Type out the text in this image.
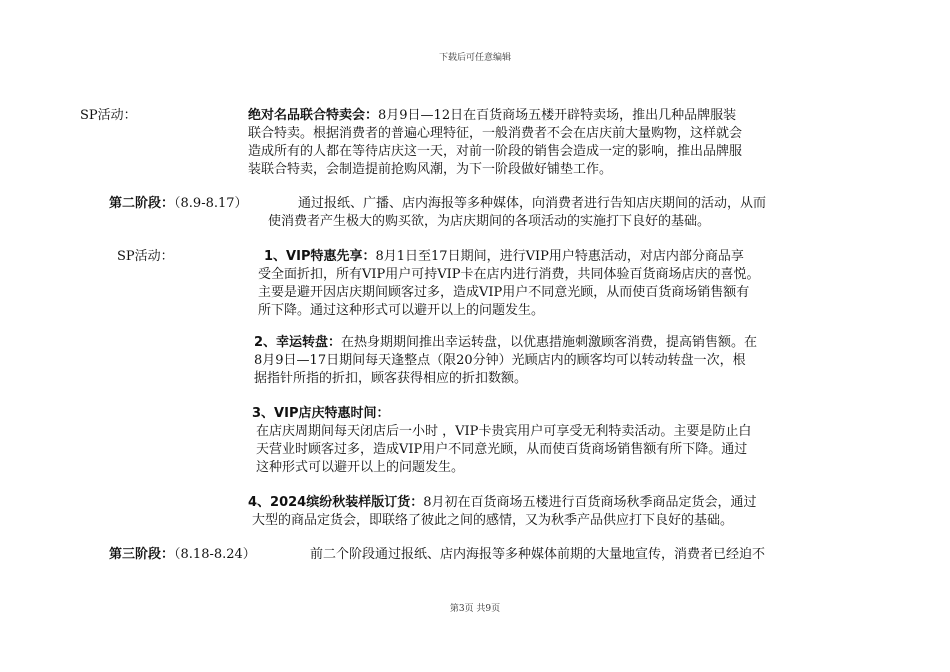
下载后可任意编辑
SP活动：	绝对名品联合特卖会：8月9日—12日在百货商场五楼开辟特卖场，推出几种品牌服装
联合特卖。根据消费者的普遍心理特征，一般消费者不会在店庆前大量购物，这样就会
造成所有的人都在等待店庆这一天，对前一阶段的销售会造成一定的影响，推出品牌服
装联合特卖，会制造提前抢购风潮，为下一阶段做好铺垫工作。
第二阶段：（8.9-8.17）	通过报纸、广播、店内海报等多种媒体，向消费者进行告知店庆期间的活动，从而
使消费者产生极大的购买欲，为店庆期间的各项活动的实施打下良好的基础。
SP活动：	1、VIP特惠先享：8月1日至17日期间，进行VIP用户特惠活动，对店内部分商品享
受全面折扣，所有VIP用户可持VIP卡在店内进行消费，共同体验百货商场店庆的喜悦。
主要是避开因店庆期间顾客过多，造成VIP用户不同意光顾，从而使百货商场销售额有
所下降。通过这种形式可以避开以上的问题发生。
2、幸运转盘：在热身期期间推出幸运转盘，以优惠措施刺激顾客消费，提高销售额。在
8月9日—17日期间每天逢整点（限20分钟）光顾店内的顾客均可以转动转盘一次，根
据指针所指的折扣，顾客获得相应的折扣数额。
3、VIP店庆特惠时间：
在店庆周期间每天闭店后一小时 ，VIP卡贵宾用户可享受无利特卖活动。主要是防止白
天营业时顾客过多，造成VIP用户不同意光顾，从而使百货商场销售额有所下降。通过
这种形式可以避开以上的问题发生。
4、2024缤纷秋装样版订货：8月初在百货商场五楼进行百货商场秋季商品定货会，通过
大型的商品定货会，即联络了彼此之间的感情，又为秋季产品供应打下良好的基础。
第三阶段：（8.18-8.24）	前二个阶段通过报纸、店内海报等多种媒体前期的大量地宣传，消费者已经迫不
第3页 共9页
